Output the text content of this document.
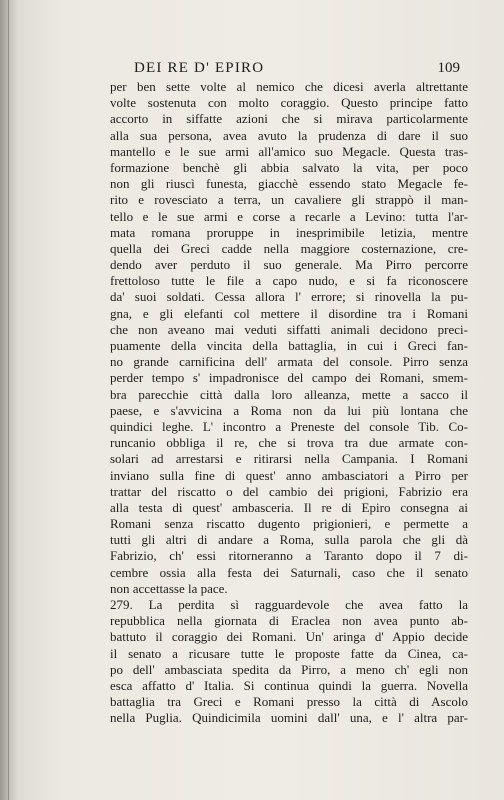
DEI RE D' EPIRO	109
per ben sette volte al nemico che dicesi averla altrettante
volte sostenuta con molto coraggio. Questo principe fatto
accorto in siffatte azioni che si mirava particolarmente
alla sua persona, avea avuto la prudenza di dare il suo
mantello e le sue armi all'amico suo Megacle. Questa tras-
formazione benchè gli abbia salvato la vita, per poco
non gli riuscì funesta, giacchè essendo stato Megacle fe-
rito e rovesciato a terra, un cavaliere gli strappò il man-
tello e le sue armi e corse a recarle a Levino: tutta l'ar-
mata romana proruppe in inesprimibile letizia, mentre
quella dei Greci cadde nella maggiore costernazione, cre-
dendo aver perduto il suo generale. Ma Pirro percorre
frettoloso tutte le file a capo nudo, e si fa riconoscere
da' suoi soldati. Cessa allora l' errore; si rinovella la pu-
gna, e gli elefanti col mettere il disordine tra i Romani
che non aveano mai veduti siffatti animali decidono preci-
puamente della vincita della battaglia, in cui i Greci fan-
no grande carnificina dell' armata del console. Pirro senza
perder tempo s' impadronisce del campo dei Romani, smem-
bra parecchie città dalla loro alleanza, mette a sacco il
paese, e s'avvicina a Roma non da lui più lontana che
quindici leghe. L' incontro a Preneste del console Tib. Co-
runcanio obbliga il re, che si trova tra due armate con-
solari ad arrestarsi e ritirarsi nella Campania. I Romani
inviano sulla fine di quest' anno ambasciatori a Pirro per
trattar del riscatto o del cambio dei prigioni, Fabrizio era
alla testa di quest' ambasceria. Il re di Epiro consegna ai
Romani senza riscatto dugento prigionieri, e permette a
tutti gli altri di andare a Roma, sulla parola che gli dà
Fabrizio, ch' essi ritorneranno a Taranto dopo il 7 di-
cembre ossia alla festa dei Saturnali, caso che il senato
non accettasse la pace.
279. La perdita sì ragguardevole che avea fatto la
repubblica nella giornata di Eraclea non avea punto ab-
battuto il coraggio dei Romani. Un' aringa d' Appio decide
il senato a ricusare tutte le proposte fatte da Cinea, ca-
po dell' ambasciata spedita da Pirro, a meno ch' egli non
esca affatto d' Italia. Si continua quindi la guerra. Novella
battaglia tra Greci e Romani presso la città di Ascolo
nella Puglia. Quindicimila uomini dall' una, e l' altra par-
